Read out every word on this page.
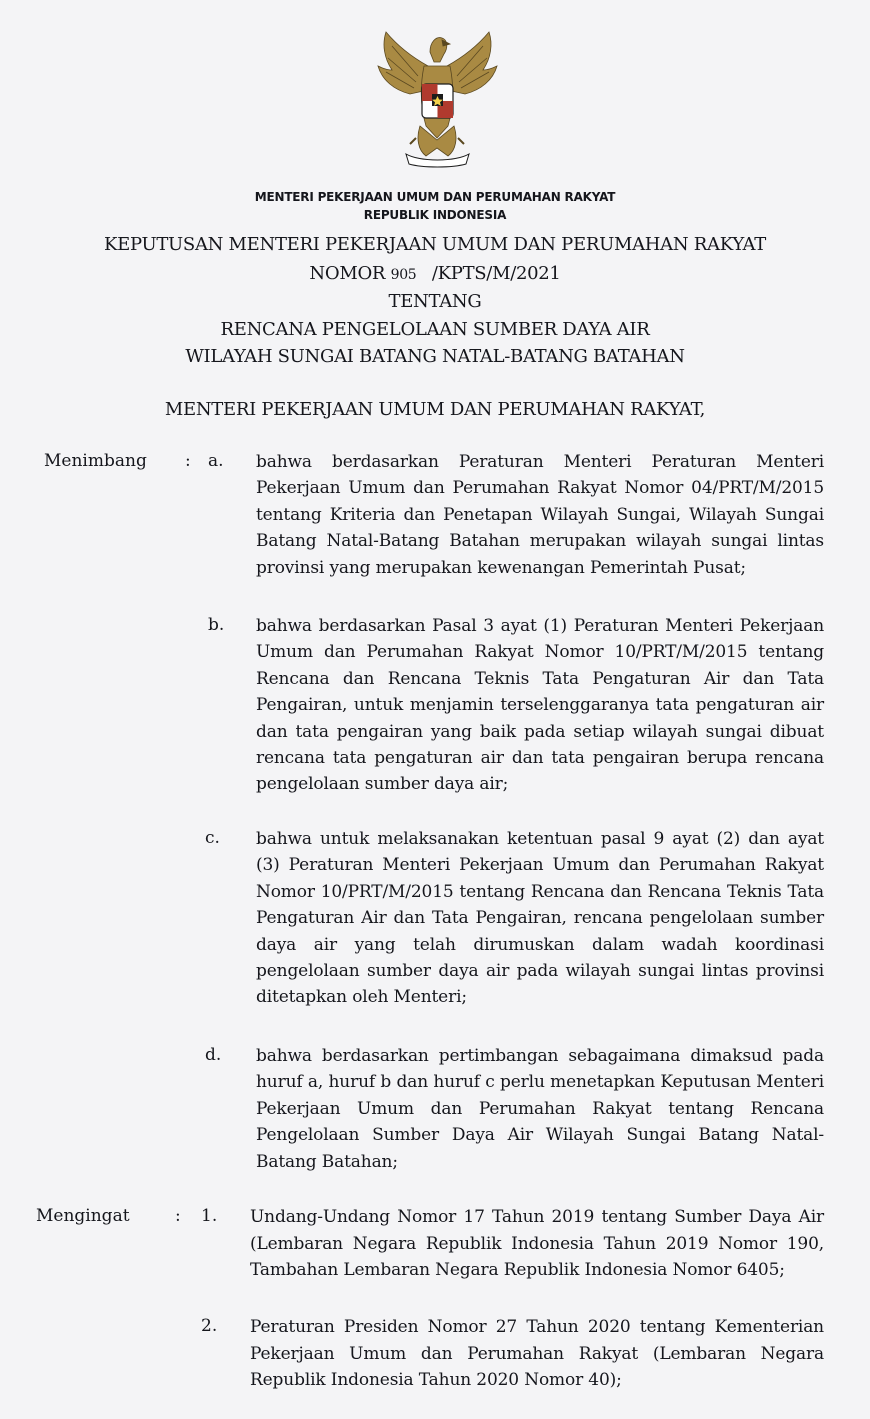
MENTERI PEKERJAAN UMUM DAN PERUMAHAN RAKYAT
REPUBLIK INDONESIA
KEPUTUSAN MENTERI PEKERJAAN UMUM DAN PERUMAHAN RAKYAT
NOMOR 905 /KPTS/M/2021
TENTANG
RENCANA PENGELOLAAN SUMBER DAYA AIR
WILAYAH SUNGAI BATANG NATAL-BATANG BATAHAN
MENTERI PEKERJAAN UMUM DAN PERUMAHAN RAKYAT,
Menimbang : a. bahwa berdasarkan Peraturan Menteri Peraturan Menteri Pekerjaan Umum dan Perumahan Rakyat Nomor 04/PRT/M/2015 tentang Kriteria dan Penetapan Wilayah Sungai, Wilayah Sungai Batang Natal-Batang Batahan merupakan wilayah sungai lintas provinsi yang merupakan kewenangan Pemerintah Pusat;
b. bahwa berdasarkan Pasal 3 ayat (1) Peraturan Menteri Pekerjaan Umum dan Perumahan Rakyat Nomor 10/PRT/M/2015 tentang Rencana dan Rencana Teknis Tata Pengaturan Air dan Tata Pengairan, untuk menjamin terselenggaranya tata pengaturan air dan tata pengairan yang baik pada setiap wilayah sungai dibuat rencana tata pengaturan air dan tata pengairan berupa rencana pengelolaan sumber daya air;
c. bahwa untuk melaksanakan ketentuan pasal 9 ayat (2) dan ayat (3) Peraturan Menteri Pekerjaan Umum dan Perumahan Rakyat Nomor 10/PRT/M/2015 tentang Rencana dan Rencana Teknis Tata Pengaturan Air dan Tata Pengairan, rencana pengelolaan sumber daya air yang telah dirumuskan dalam wadah koordinasi pengelolaan sumber daya air pada wilayah sungai lintas provinsi ditetapkan oleh Menteri;
d. bahwa berdasarkan pertimbangan sebagaimana dimaksud pada huruf a, huruf b dan huruf c perlu menetapkan Keputusan Menteri Pekerjaan Umum dan Perumahan Rakyat tentang Rencana Pengelolaan Sumber Daya Air Wilayah Sungai Batang Natal-Batang Batahan;
Mengingat	: 1. Undang-Undang Nomor 17 Tahun 2019 tentang Sumber Daya Air (Lembaran Negara Republik Indonesia Tahun 2019 Nomor 190, Tambahan Lembaran Negara Republik Indonesia Nomor 6405;
2. Peraturan Presiden Nomor 27 Tahun 2020 tentang Kementerian Pekerjaan Umum dan Perumahan Rakyat (Lembaran Negara Republik Indonesia Tahun 2020 Nomor 40);
